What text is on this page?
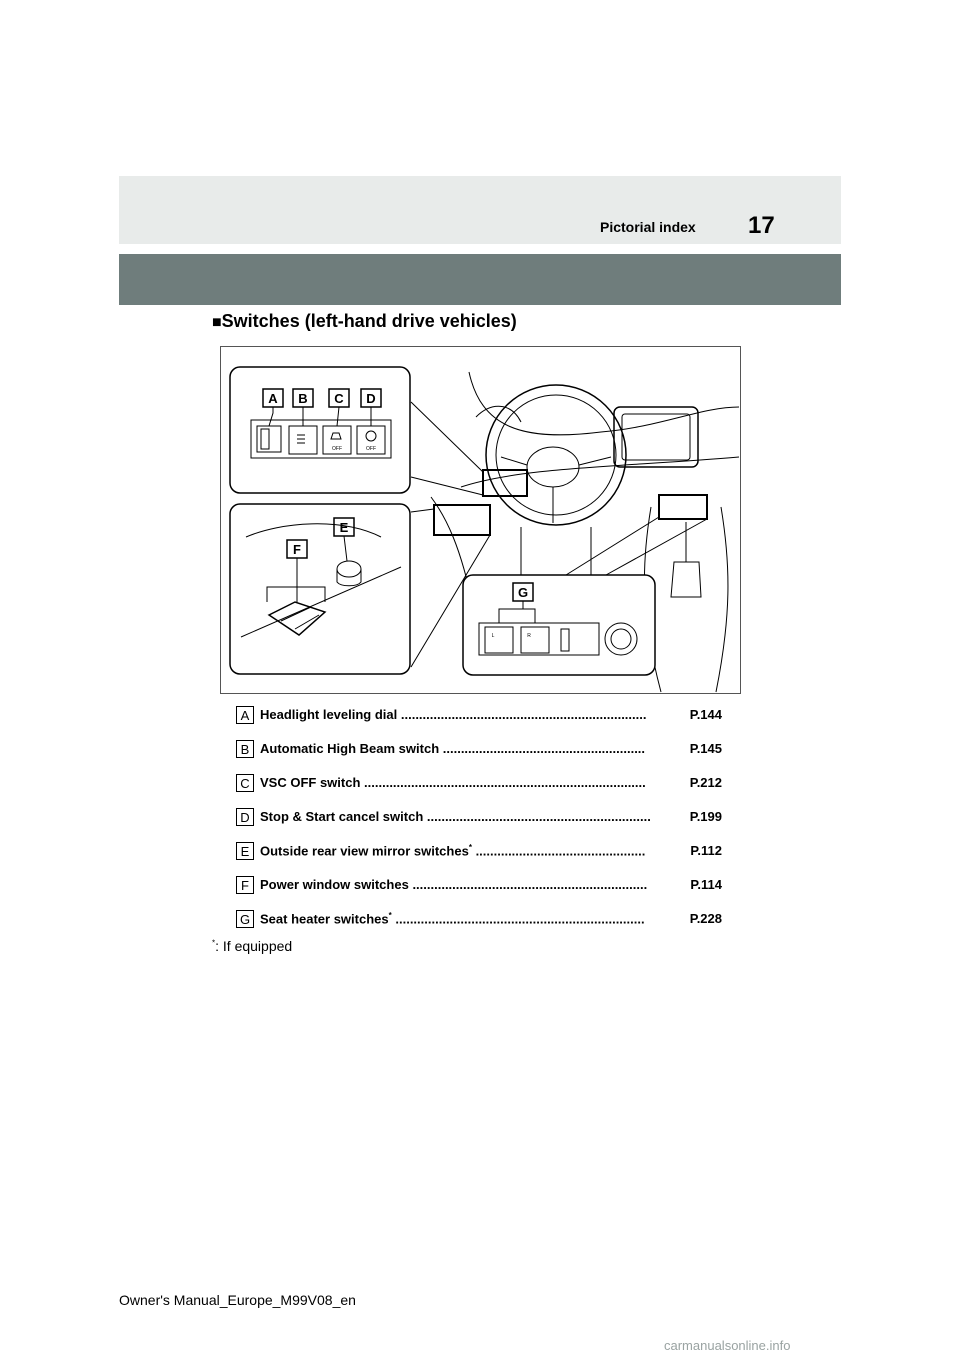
Pictorial index 17
■Switches (left-hand drive vehicles)
A B C D
E
F
G
OFF	OFF
L	R
A Headlight leveling dial ....................................................................	P.144
B Automatic High Beam switch ........................................................	P.145
C VSC OFF switch ..............................................................................	P.212
D Stop & Start cancel switch ..............................................................	P.199
E Outside rear view mirror switches* ...............................................	P.112
F Power window switches .................................................................	P.114
G Seat heater switches* .....................................................................	P.228
*: If equipped
Owner's Manual_Europe_M99V08_en
carmanualsonline.info
